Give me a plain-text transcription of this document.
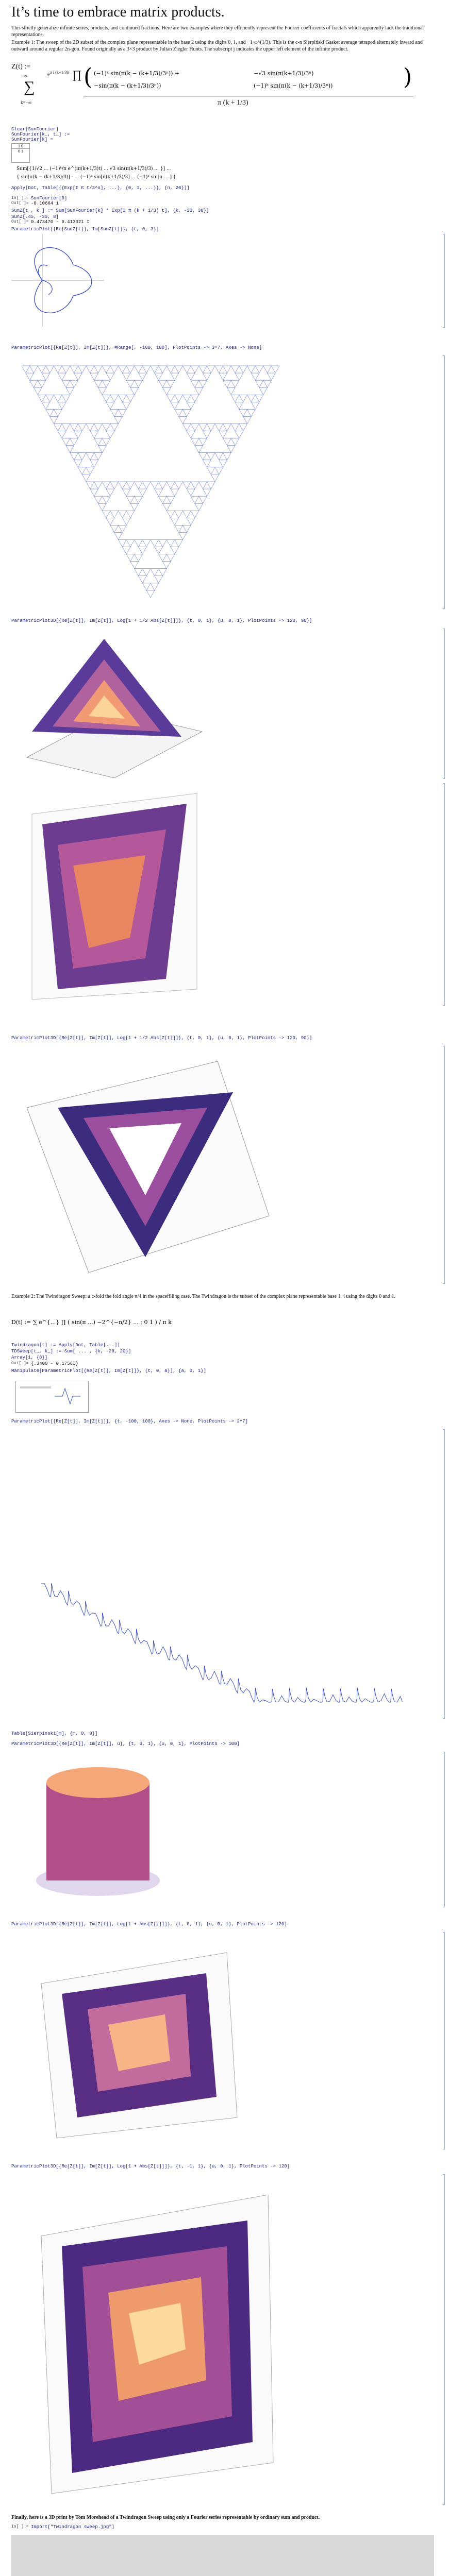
It’s time to embrace matrix products.
This strictly generalize infinite series, products, and continued fractions. Here are two examples where they efficiently represent the Fourier coefficients of fractals which apparently lack the traditional representations.
Example 1: The sweep of the 2D subset of the complex plane representable in the base 2 using the digits 0, 1, and −1·ω^(1/3). This is the c-n Sierpiński Gasket average tetrapod alternately inward and outward around a regular 2n-gon. Found originally as a 3×3 product by Julian Ziegler Hunts. The subscript j indicates the upper left element of the infinite product.
Z(t) :=
∑
∞
k=−∞
$e^{\pi i (k+1/3)t}$ ∏ (	)
(−1)ᵏ sin(π(k − (k+1/3)/3ⁿ)) +	−√3 sin(π(k+1/3)/3ⁿ)
−sin(π(k − (k+1/3)/3ⁿ))	(−1)ᵏ sin(π(k − (k+1/3)/3ⁿ))
π (k + 1/3)
Clear[SunFourier]
SunFourier[k_, t_] :=
SunFourier[k] =
1 0
0 1
Sum[{1/√2 ... (−1)ᵏ/π e^(iπ(k+1/3)t) ... √3 sin(π(k+1/3)/3) ... }] ...
{ sin[π(k − (k+1/3)/3)] · ... (−1)ᵏ sin[π(k+1/3)/3] ... (−1)ᵏ sin[π ... ] }
Apply[Dot, Table[{{Exp[I π t/3^n], ...}, {0, 1, ...}}, {n, 20}]]
In[ ]:= SunFourier[0]
Out[ ]= -0.10664 i
SunZ[t_, k_] := Sum[SunFourier[k] * Exp[I π (k + 1/3) t], {k, -30, 30}]
SunZ[.45, -30, 8]
Out[ ]= 0.473470 - 0.413321 I
ParametricPlot[{Re[SunZ[t]], Im[SunZ[t]]}, {t, 0, 3}]
ParametricPlot[{Re[Z[t]], Im[Z[t]]}, #Range[, -100, 100], PlotPoints -> 3^7, Axes -> None]
ParametricPlot3D[{Re[Z[t]], Im[Z[t]], Log[1 + 1/2 Abs[Z[t]]]}, {t, 0, 1}, {u, 0, 1}, PlotPoints -> 120, 90}]
ParametricPlot3D[{Re[Z[t]], Im[Z[t]], Log[1 + 1/2 Abs[Z[t]]]}, {t, 0, 1}, {u, 0, 1}, PlotPoints -> 120, 90}]
Example 2: The Twindragon Sweep: a c-fold the fold angle π/4 in the spacefilling case. The Twindragon is the subset of the complex plane representable base 1+i using the digits 0 and 1.
D(t) := ∑ e^{...} ∏ ( sin(π ...) −2^{−n/2} ... ; 0 1 ) / π k
Twindragon[t] := Apply[Dot, Table[...]]
TDSweep[t_, k_] := Sum[ ... , {k, -20, 20}]
Array[1, {8}]
Out[ ]= {.3400 - 0.1756I}
Manipulate[ParametricPlot[{Re[Z[t]], Im[Z[t]]}, {t, 0, a}], {a, 0, 1}]
ParametricPlot[{Re[Z[t]], Im[Z[t]]}, {t, -100, 100}, Axes -> None, PlotPoints -> 2^7]
Table[Sierpinski[m], {m, 0, 8}]
ParametricPlot3D[{Re[Z[t]], Im[Z[t]], u}, {t, 0, 1}, {u, 0, 1}, PlotPoints -> 100]
ParametricPlot3D[{Re[Z[t]], Im[Z[t]], Log[1 + Abs[Z[t]]]}, {t, 0, 1}, {u, 0, 1}, PlotPoints -> 120]
ParametricPlot3D[{Re[Z[t]], Im[Z[t]], Log[1 + Abs[Z[t]]]}, {t, -1, 1}, {u, 0, 1}, PlotPoints -> 120]
Finally, here is a 3D print by Tom Morehead of a Twindragon Sweep using only a Fourier series representable by ordinary sum and product.
In[ ]:= Import["Twindragon sweep.jpg"]
